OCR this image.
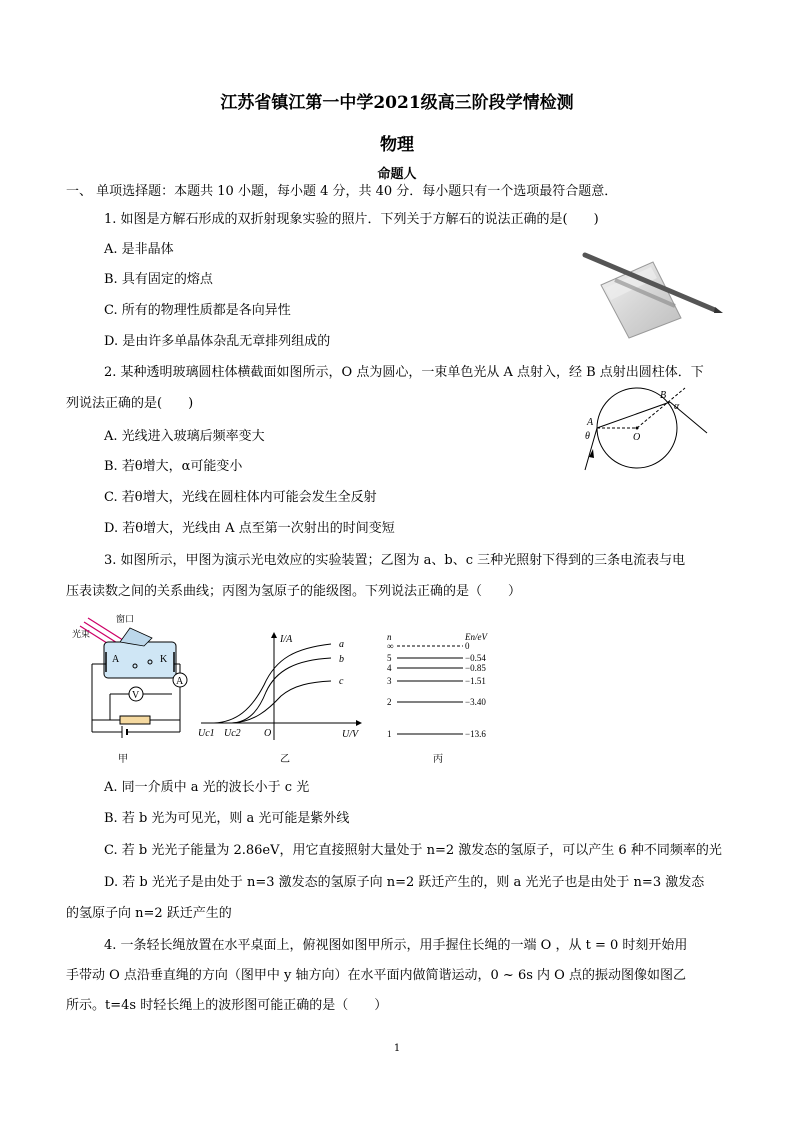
江苏省镇江第一中学2021级高三阶段学情检测
物理
命题人
一、 单项选择题：本题共 10 小题，每小题 4 分，共 40 分．每小题只有一个选项最符合题意．
1. 如图是方解石形成的双折射现象实验的照片．下列关于方解石的说法正确的是(　　)
A. 是非晶体
B. 具有固定的熔点
C. 所有的物理性质都是各向异性
D. 是由许多单晶体杂乱无章排列组成的
2. 某种透明玻璃圆柱体横截面如图所示，O 点为圆心，一束单色光从 A 点射入，经 B 点射出圆柱体．下
列说法正确的是(　　)
A. 光线进入玻璃后频率变大
B. 若θ增大，α可能变小
C. 若θ增大，光线在圆柱体内可能会发生全反射
D. 若θ增大，光线由 A 点至第一次射出的时间变短
A
B
O
θ
α
3. 如图所示，甲图为演示光电效应的实验装置；乙图为 a、b、c 三种光照射下得到的三条电流表与电
压表读数之间的关系曲线；丙图为氢原子的能级图。下列说法正确的是（　　）
光束
窗口
A	K
V
A
甲
I/A
U/V
O
Uc1 Uc2
a
b
c
乙
n	En/eV
∞	0
5	−0.54
4	−0.85
3	−1.51
2	−3.40
1	−13.6
丙
A. 同一介质中 a 光的波长小于 c 光
B. 若 b 光为可见光，则 a 光可能是紫外线
C. 若 b 光光子能量为 2.86eV，用它直接照射大量处于 n=2 激发态的氢原子，可以产生 6 种不同频率的光
D. 若 b 光光子是由处于 n=3 激发态的氢原子向 n=2 跃迁产生的，则 a 光光子也是由处于 n=3 激发态
的氢原子向 n=2 跃迁产生的
4. 一条轻长绳放置在水平桌面上，俯视图如图甲所示，用手握住长绳的一端 O ，从 t = 0 时刻开始用
手带动 O 点沿垂直绳的方向（图甲中 y 轴方向）在水平面内做简谐运动，0 ~ 6s 内 O 点的振动图像如图乙
所示。t=4s 时轻长绳上的波形图可能正确的是（　　）
1
